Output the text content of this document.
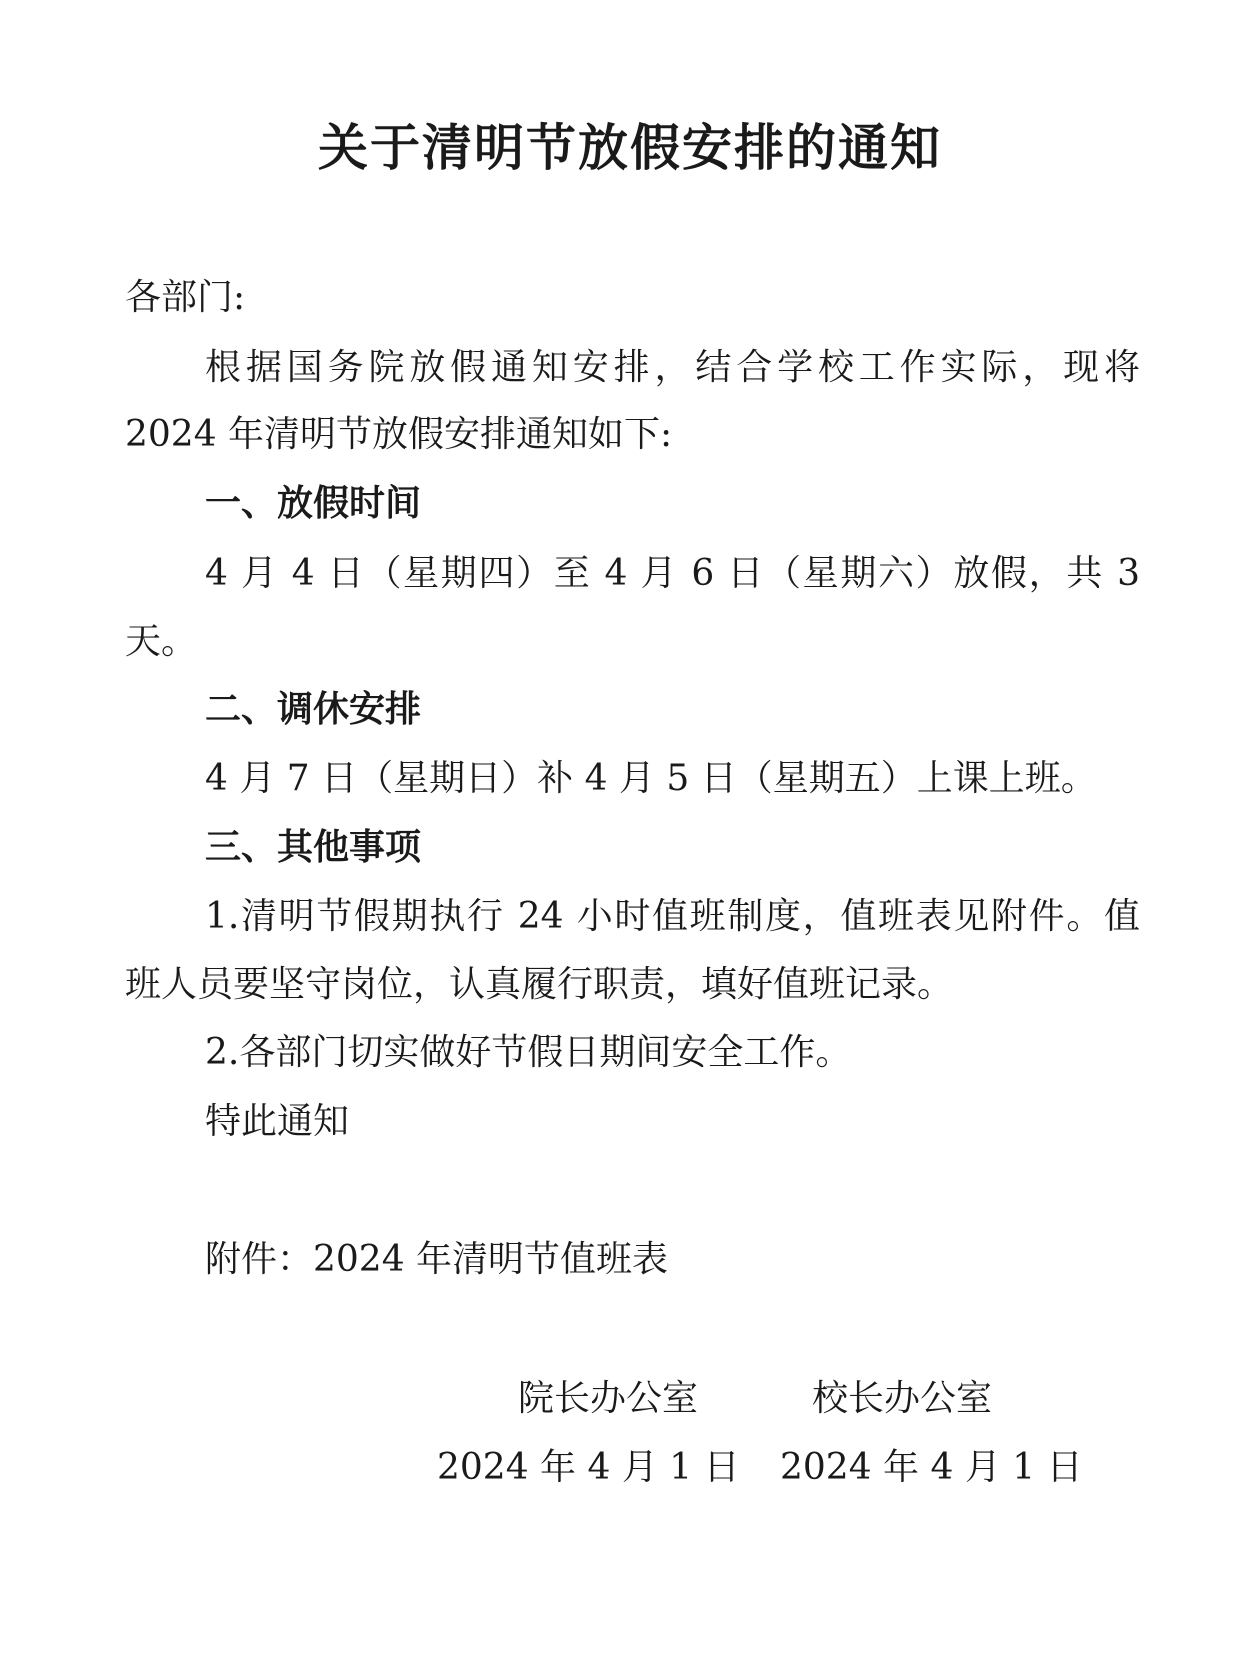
关于清明节放假安排的通知
各部门:
根据国务院放假通知安排，结合学校工作实际，现将
2024 年清明节放假安排通知如下:
一、放假时间
4 月 4 日（星期四）至 4 月 6 日（星期六）放假，共 3
天。
二、调休安排
4 月 7 日（星期日）补 4 月 5 日（星期五）上课上班。
三、其他事项
1.清明节假期执行 24 小时值班制度，值班表见附件。值
班人员要坚守岗位，认真履行职责，填好值班记录。
2.各部门切实做好节假日期间安全工作。
特此通知
附件：2024 年清明节值班表
院长办公室	校长办公室
2024 年 4 月 1 日 2024 年 4 月 1 日
